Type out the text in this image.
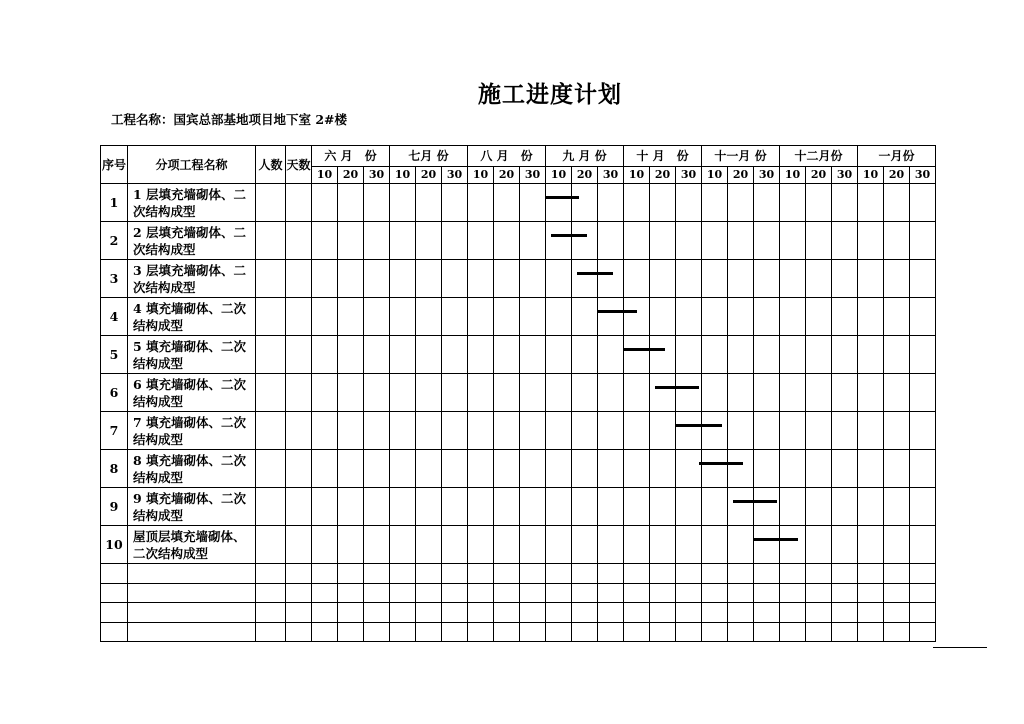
施工进度计划
工程名称：国宾总部基地项目地下室 2#楼
序号	分项工程名称	人数	天数	六 月　份			七月 份			八 月　份			九 月 份			十 月　份			十一月 份			十二月份			一月份		
				10	20	30	10	20	30	10	20	30	10	20	30	10	20	30	10	20	30	10	20	30	10	20	30
1	1 层填充墙砌体、二次结构成型																										
2	2 层填充墙砌体、二次结构成型																										
3	3 层填充墙砌体、二次结构成型																										
4	4 填充墙砌体、二次结构成型																										
5	5 填充墙砌体、二次结构成型																										
6	6 填充墙砌体、二次结构成型																										
7	7 填充墙砌体、二次结构成型																										
8	8 填充墙砌体、二次结构成型																										
9	9 填充墙砌体、二次结构成型																										
10	屋顶层填充墙砌体、二次结构成型																										
